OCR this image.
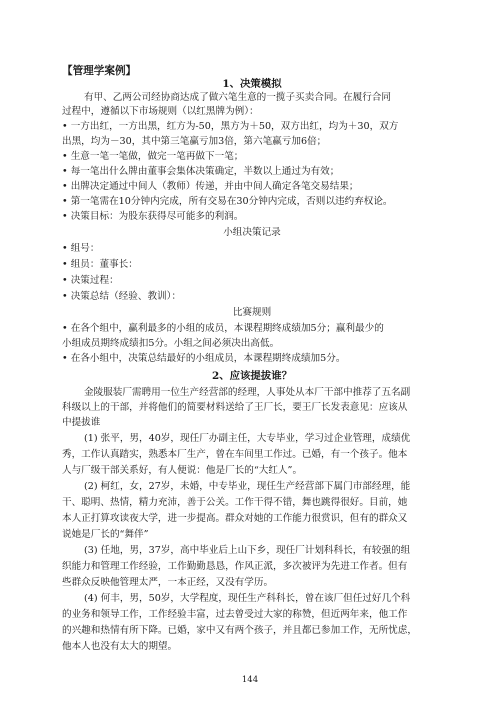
【管理学案例】
1、决策模拟
有甲、乙两公司经协商达成了做六笔生意的一揽子买卖合同。在履行合同
过程中，遵循以下市场规则（以红黑牌为例）：
• 一方出红，一方出黑，红方为-50，黑方为＋50，双方出红，均为＋30，双方
出黑，均为－30，其中第三笔赢亏加3倍，第六笔赢亏加6倍；
• 生意一笔一笔做，做完一笔再做下一笔；
• 每一笔出什么牌由董事会集体决策确定，半数以上通过为有效；
• 出牌决定通过中间人（教师）传递，并由中间人确定各笔交易结果；
• 第一笔需在10分钟内完成，所有交易在30分钟内完成，否则以违约弃权论。
• 决策目标：为股东获得尽可能多的利润。
小组决策记录
• 组号：
• 组员：董事长：
• 决策过程：
• 决策总结（经验、教训）：
比赛规则
• 在各个组中，赢利最多的小组的成员，本课程期终成绩加5分；赢利最少的
小组成员期终成绩扣5分。小组之间必须决出高低。
• 在各小组中，决策总结最好的小组成员，本课程期终成绩加5分。
2、应该提拔谁？
金陵服装厂需聘用一位生产经营部的经理，人事处从本厂干部中推荐了五名副
科级以上的干部，并将他们的简要材料送给了王厂长，要王厂长发表意见：应该从
中提拔谁
(1) 张平，男，40岁，现任厂办副主任，大专毕业，学习过企业管理，成绩优
秀，工作认真踏实，熟悉本厂生产，曾在车间里工作过。已婚，有一个孩子。他本
人与厂级干部关系好，有人便说：他是厂长的“大红人”。
(2) 柯红，女，27岁，未婚，中专毕业，现任生产经营部下属门市部经理，能
干、聪明、热情，精力充沛，善于公关。工作干得不错，舞也跳得很好。目前，她
本人正打算攻读夜大学，进一步提高。群众对她的工作能力很赏识，但有的群众又
说她是厂长的“舞伴”
(3) 任地，男，37岁，高中毕业后上山下乡，现任厂计划科科长，有较强的组
织能力和管理工作经验，工作勤勤恳恳，作风正派，多次被评为先进工作者。但有
些群众反映他管理太严，一本正经，又没有学历。
(4) 何丰，男，50岁，大学程度，现任生产科科长，曾在该厂但任过好几个科
的业务和领导工作，工作经验丰富，过去曾受过大家的称赞，但近两年来，他工作
的兴趣和热情有所下降。已婚，家中又有两个孩子，并且都已参加工作，无所忧虑，
他本人也没有太大的期望。
144
